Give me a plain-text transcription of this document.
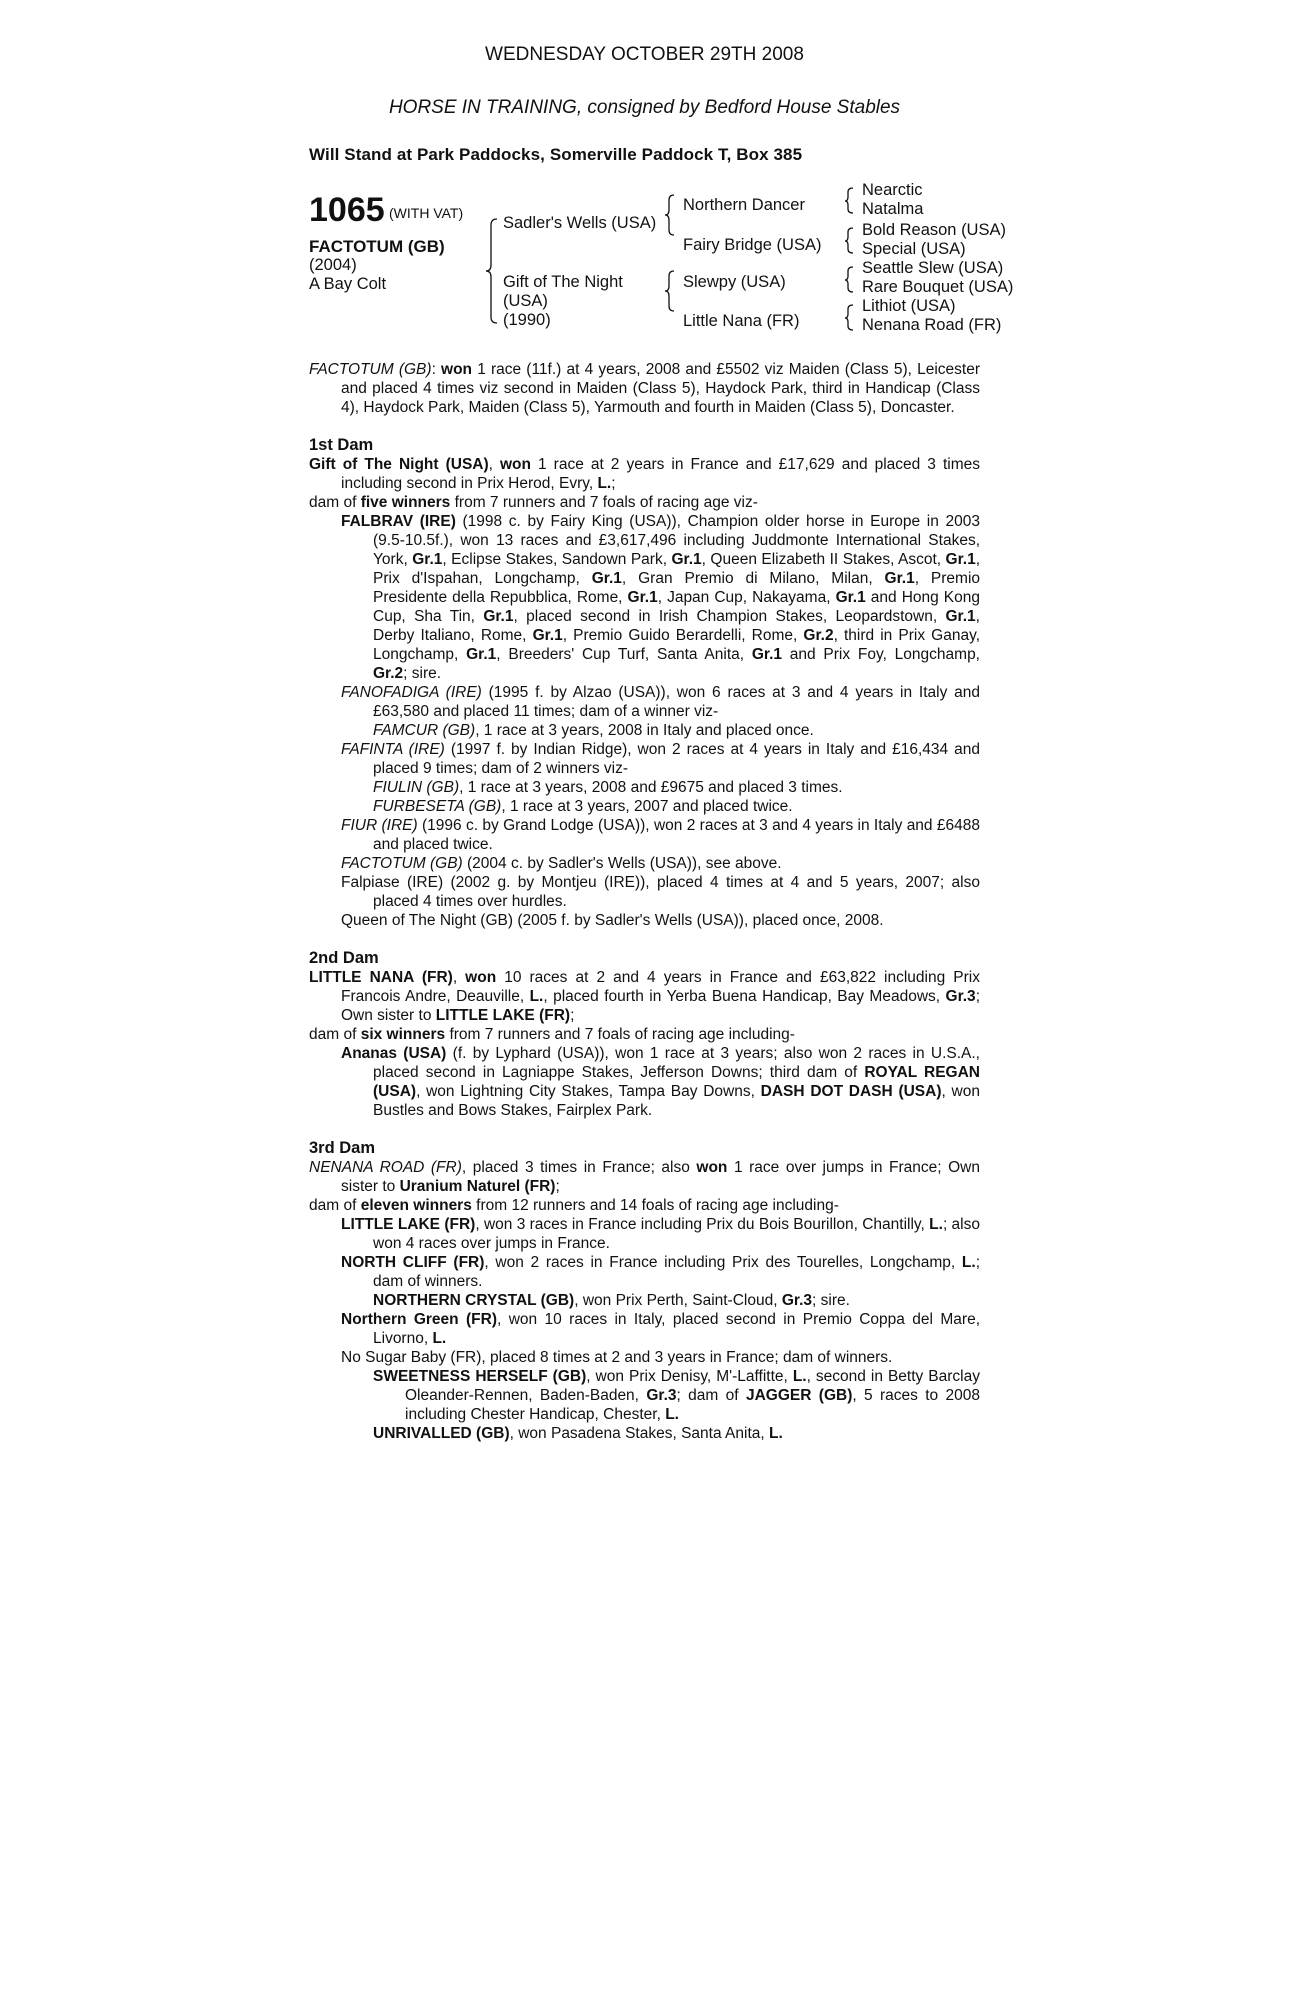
WEDNESDAY OCTOBER 29TH 2008
HORSE IN TRAINING, consigned by Bedford House Stables
Will Stand at Park Paddocks, Somerville Paddock T, Box 385
1065 (WITH VAT)
FACTOTUM (GB)
(2004)
A Bay Colt
Sadler's Wells (USA)
Gift of The Night
(USA)
(1990)
Northern Dancer
Fairy Bridge (USA)
Slewpy (USA)
Little Nana (FR)
Nearctic
Natalma
Bold Reason (USA)
Special (USA)
Seattle Slew (USA)
Rare Bouquet (USA)
Lithiot (USA)
Nenana Road (FR)

FACTOTUM (GB): won 1 race (11f.) at 4 years, 2008 and £5502 viz Maiden (Class 5), Leicester and placed 4 times viz second in Maiden (Class 5), Haydock Park, third in Handicap (Class 4), Haydock Park, Maiden (Class 5), Yarmouth and fourth in Maiden (Class 5), Doncaster.

1st Dam

Gift of The Night (USA), won 1 race at 2 years in France and £17,629 and placed 3 times including second in Prix Herod, Evry, L.;

dam of five winners from 7 runners and 7 foals of racing age viz-

FALBRAV (IRE) (1998 c. by Fairy King (USA)), Champion older horse in Europe in 2003 (9.5-10.5f.), won 13 races and £3,617,496 including Juddmonte International Stakes, York, Gr.1, Eclipse Stakes, Sandown Park, Gr.1, Queen Elizabeth II Stakes, Ascot, Gr.1, Prix d'Ispahan, Longchamp, Gr.1, Gran Premio di Milano, Milan, Gr.1, Premio Presidente della Repubblica, Rome, Gr.1, Japan Cup, Nakayama, Gr.1 and Hong Kong Cup, Sha Tin, Gr.1, placed second in Irish Champion Stakes, Leopardstown, Gr.1, Derby Italiano, Rome, Gr.1, Premio Guido Berardelli, Rome, Gr.2, third in Prix Ganay, Longchamp, Gr.1, Breeders' Cup Turf, Santa Anita, Gr.1 and Prix Foy, Longchamp, Gr.2; sire.

FANOFADIGA (IRE) (1995 f. by Alzao (USA)), won 6 races at 3 and 4 years in Italy and £63,580 and placed 11 times; dam of a winner viz-

FAMCUR (GB), 1 race at 3 years, 2008 in Italy and placed once.

FAFINTA (IRE) (1997 f. by Indian Ridge), won 2 races at 4 years in Italy and £16,434 and placed 9 times; dam of 2 winners viz-

FIULIN (GB), 1 race at 3 years, 2008 and £9675 and placed 3 times.

FURBESETA (GB), 1 race at 3 years, 2007 and placed twice.

FIUR (IRE) (1996 c. by Grand Lodge (USA)), won 2 races at 3 and 4 years in Italy and £6488 and placed twice.

FACTOTUM (GB) (2004 c. by Sadler's Wells (USA)), see above.

Falpiase (IRE) (2002 g. by Montjeu (IRE)), placed 4 times at 4 and 5 years, 2007; also placed 4 times over hurdles.

Queen of The Night (GB) (2005 f. by Sadler's Wells (USA)), placed once, 2008.

2nd Dam

LITTLE NANA (FR), won 10 races at 2 and 4 years in France and £63,822 including Prix Francois Andre, Deauville, L., placed fourth in Yerba Buena Handicap, Bay Meadows, Gr.3; Own sister to LITTLE LAKE (FR);

dam of six winners from 7 runners and 7 foals of racing age including-

Ananas (USA) (f. by Lyphard (USA)), won 1 race at 3 years; also won 2 races in U.S.A., placed second in Lagniappe Stakes, Jefferson Downs; third dam of ROYAL REGAN (USA), won Lightning City Stakes, Tampa Bay Downs, DASH DOT DASH (USA), won Bustles and Bows Stakes, Fairplex Park.

3rd Dam

NENANA ROAD (FR), placed 3 times in France; also won 1 race over jumps in France; Own sister to Uranium Naturel (FR);

dam of eleven winners from 12 runners and 14 foals of racing age including-

LITTLE LAKE (FR), won 3 races in France including Prix du Bois Bourillon, Chantilly, L.; also won 4 races over jumps in France.

NORTH CLIFF (FR), won 2 races in France including Prix des Tourelles, Longchamp, L.; dam of winners.

NORTHERN CRYSTAL (GB), won Prix Perth, Saint-Cloud, Gr.3; sire.

Northern Green (FR), won 10 races in Italy, placed second in Premio Coppa del Mare, Livorno, L.

No Sugar Baby (FR), placed 8 times at 2 and 3 years in France; dam of winners.

SWEETNESS HERSELF (GB), won Prix Denisy, M'-Laffitte, L., second in Betty Barclay Oleander-Rennen, Baden-Baden, Gr.3; dam of JAGGER (GB), 5 races to 2008 including Chester Handicap, Chester, L.

UNRIVALLED (GB), won Pasadena Stakes, Santa Anita, L.
